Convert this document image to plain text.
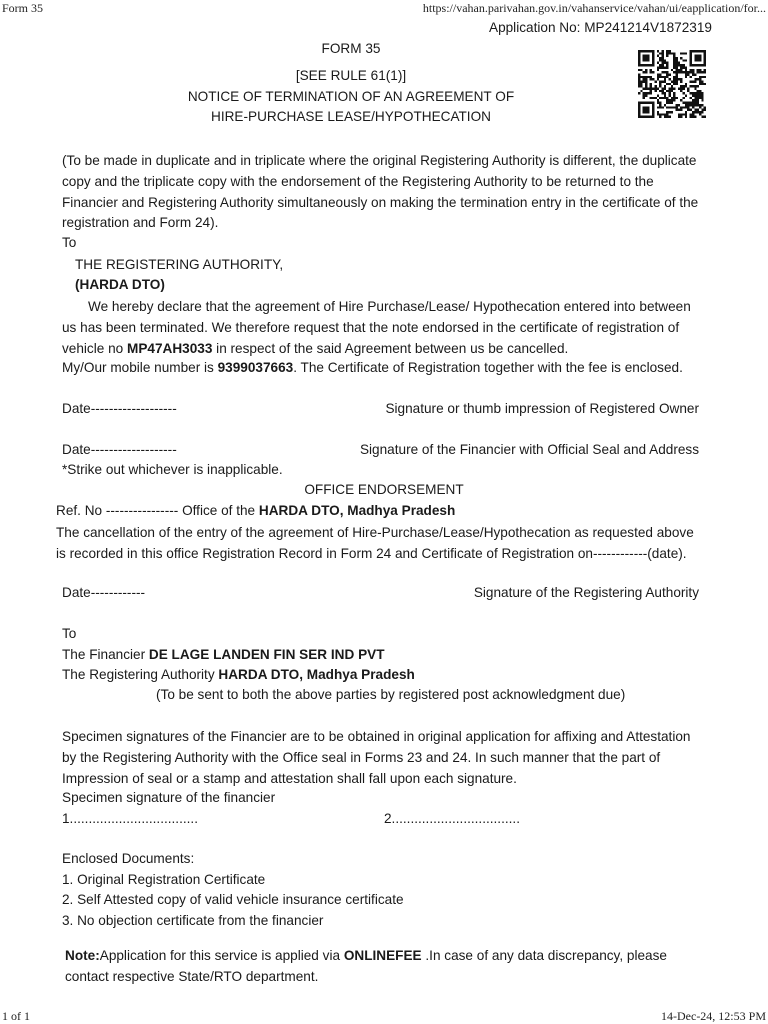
Form 35	https://vahan.parivahan.gov.in/vahanservice/vahan/ui/eapplication/for...
Application No: MP241214V1872319
FORM 35
[SEE RULE 61(1)]
NOTICE OF TERMINATION OF AN AGREEMENT OF
HIRE-PURCHASE LEASE/HYPOTHECATION
(To be made in duplicate and in triplicate where the original Registering Authority is different, the duplicate copy and the triplicate copy with the endorsement of the Registering Authority to be returned to the Financier and Registering Authority simultaneously on making the termination entry in the certificate of the registration and Form 24).
To
THE REGISTERING AUTHORITY,
(HARDA DTO)
We hereby declare that the agreement of Hire Purchase/Lease/ Hypothecation entered into between us has been terminated. We therefore request that the note endorsed in the certificate of registration of vehicle no MP47AH3033 in respect of the said Agreement between us be cancelled.
My/Our mobile number is 9399037663. The Certificate of Registration together with the fee is enclosed.
Date-------------------	Signature or thumb impression of Registered Owner
Date-------------------	Signature of the Financier with Official Seal and Address
*Strike out whichever is inapplicable.
OFFICE ENDORSEMENT
Ref. No ---------------- Office of the HARDA DTO, Madhya Pradesh
The cancellation of the entry of the agreement of Hire-Purchase/Lease/Hypothecation as requested above is recorded in this office Registration Record in Form 24 and Certificate of Registration on------------(date).
Date------------	Signature of the Registering Authority
To
The Financier DE LAGE LANDEN FIN SER IND PVT
The Registering Authority HARDA DTO, Madhya Pradesh
(To be sent to both the above parties by registered post acknowledgment due)
Specimen signatures of the Financier are to be obtained in original application for affixing and Attestation by the Registering Authority with the Office seal in Forms 23 and 24. In such manner that the part of Impression of seal or a stamp and attestation shall fall upon each signature.
Specimen signature of the financier
1..................................	2..................................
Enclosed Documents:
1. Original Registration Certificate
2. Self Attested copy of valid vehicle insurance certificate
3. No objection certificate from the financier
Note:Application for this service is applied via ONLINEFEE .In case of any data discrepancy, please contact respective State/RTO department.
1 of 1	14-Dec-24, 12:53 PM
